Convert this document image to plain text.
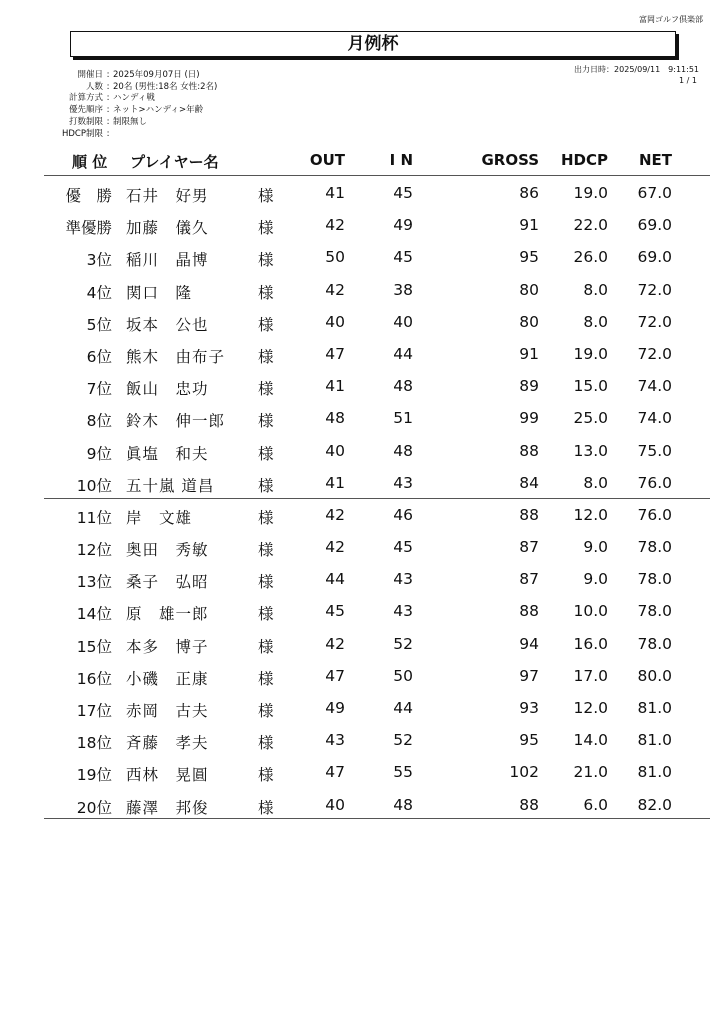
富岡ゴルフ倶楽部
月例杯
出力日時：2025/09/11　9:11:51
1 / 1
開催日 : 2025年09月07日 (日)
人数 : 20名 (男性:18名 女性:2名)
計算方式 : ハンディ戦
優先順序 : ネット>ハンディ>年齢
打数制限 : 制限無し
HDCP制限 :
順 位	プレイヤー名	OUT	I N	GROSS HDCP NET
優　勝 石井　好男	様	41	45	86 19.0 67.0
準優勝 加藤　儀久	様	42	49	91 22.0 69.0
3位 稲川　晶博	様	50	45	95 26.0 69.0
4位 関口　隆	様	42	38	80	8.0 72.0
5位 坂本　公也	様	40	40	80	8.0 72.0
6位 熊木　由布子 様	47	44	91 19.0 72.0
7位 飯山　忠功	様	41	48	89 15.0 74.0
8位 鈴木　伸一郎 様	48	51	99 25.0 74.0
9位 眞塩　和夫	様	40	48	88 13.0 75.0
10位 五十嵐 道昌	様	41	43	84	8.0 76.0
11位 岸　文雄	様	42	46	88 12.0 76.0
12位 奥田　秀敏	様	42	45	87	9.0 78.0
13位 桑子　弘昭	様	44	43	87	9.0 78.0
14位 原　雄一郎	様	45	43	88 10.0 78.0
15位 本多　博子	様	42	52	94 16.0 78.0
16位 小磯　正康	様	47	50	97 17.0 80.0
17位 赤岡　古夫	様	49	44	93 12.0 81.0
18位 斉藤　孝夫	様	43	52	95 14.0 81.0
19位 西林　晃圓	様	47	55	102 21.0 81.0
20位 藤澤　邦俊	様	40	48	88	6.0 82.0
